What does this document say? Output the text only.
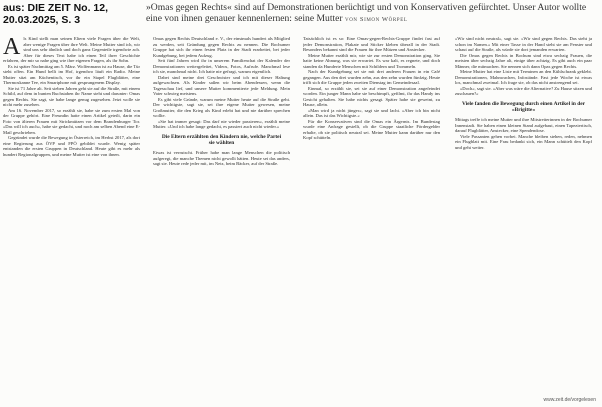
aus: DIE ZEIT No. 12,
20.03.2025, S. 3
»Omas gegen Rechts« sind auf Demonstrationen berüchtigt und von Konservativen gefürchtet. Unser Autor wollte eine von ihnen genauer kennenlernen: seine Mutter von Simon Wörpel
A ls Kind stellt man seinen Eltern viele Fragen über die Welt, aber wenige Fragen über ihre Welt. Meine Mutter sind ich, wir sind uns sehr ähnlich und doch ganz Gegenteile irgendwie ach. Aber für dieses Text habe ich einen Teil ihrer Geschichte erfahren, der mir so nahe ging wie ihre eigenen Fragen, als ihr Sohn.

Es ist später Nachmittag am 5. März. Wolfenmann ist zu Hause, die Tür steht offen. Ein Hund bellt im Hof, irgendwo läuft ein Radio. Meine Mutter sitzt am Küchentisch, vor ihr ein Stapel Flugblätter, eine Thermoskanne Tee, ein Smartphone mit gesprungenem Display.

Sie ist 71 Jahre alt. Seit sieben Jahren geht sie auf die Straße, mit einem Schild, auf dem in bunten Buchstaben ihr Name steht und darunter: Omas gegen Rechts. Sie sagt, sie habe lange genug zugesehen. Jetzt wolle sie nicht mehr zusehen.

Am 16. November 2017, so erzählt sie, habe sie zum ersten Mal von der Gruppe gehört. Eine Freundin hatte einen Artikel geteilt, darin ein Foto von älteren Frauen mit Strickmützen vor dem Brandenburger Tor. »Das will ich auch«, habe sie gedacht, und noch am selben Abend eine E-Mail geschrieben.

Gegründet wurde die Bewegung in Österreich, im Herbst 2017, als dort eine Regierung aus ÖVP und FPÖ gebildet wurde. Wenig später entstanden die ersten Gruppen in Deutschland. Heute gibt es mehr als hundert Regionalgruppen, und meine Mutter ist eine von ihnen.

Omas gegen Rechts Deutschland e. V., der einstmals hundert als Mitglied zu werden, seit Gründung gegen Rechts zu nennen. Die Bochumer Gruppe hat sich ihr einen festen Platz in der Stadt erarbeitet, bei jeder Kundgebung, bei jedem Aufzug.

Seit fünf Jahren wird ihr in unserem Familienchat der Kalender der Demonstrationen weitergeleitet, Videos, Fotos, Aufrufe. Manchmal lese ich sie, manchmal nicht. Ich hatte nie gefragt, warum eigentlich.

Dabei sind meine drei Geschwister und ich mit dieser Haltung aufgewachsen. Als Kinder saßen wir beim Abendessen, wenn die Tagesschau lief, und unsere Mutter kommentierte jede Meldung. Mein Vater schwieg meistens.

Es gibt viele Gründe, warum meine Mutter heute auf die Straße geht. Der wichtigste, sagt sie, sei ihre eigene Mutter gewesen, meine Großmutter, die den Krieg als Kind erlebt hat und nie darüber sprechen wollte.

»Sie hat immer gesagt: Das darf nie wieder passieren«, erzählt meine Mutter. »Und ich habe lange gedacht, es passiert auch nicht wieder.«

Die Eltern erzählten den Kindern nie, welche Partei sie wählten

Etwas ist verrutscht. Früher habe man lange Menschen die politisch aufgeregt, die manche Themen nicht gewollt hätten. Heute sei das anders, sagt sie. Heute rede jeder mit, im Netz, beim Bäcker, auf der Straße.

Tatsächlich ist es so: Eine Omas-gegen-Rechts-Gruppe findet fast auf jeder Demonstration, Plakate und Sticker kleben überall in der Stadt. Besonders bekannt sind die Frauen für ihre Mützen und Anstecker.

Meine Mutter erzählt mir, wie sie zur ersten Demonstration ging. Sie hatte keine Ahnung, was sie erwartet. Es war kalt, es regnete, und doch standen da Hunderte Menschen mit Schildern und Trommeln.

Nach der Kundgebung sei sie mit drei anderen Frauen in ein Café gegangen. Aus den drei wurden zehn, aus den zehn wurden fünfzig. Heute trifft sich die Gruppe jeden zweiten Dienstag im Gemeindesaal.

Einmal, so erzählt sie, sei sie auf einer Demonstration angefeindet worden. Ein junger Mann habe sie beschimpft, gefilmt, ihr das Handy ins Gesicht gehalten. Sie habe nichts gesagt. Später habe sie geweint, zu Hause, allein.

»Man wird ja nicht jünger«, sagt sie und lacht. »Aber ich bin nicht allein. Das ist das Wichtigste.«

Für die Konservativen sind die Omas ein Ärgernis. Im Bundestag wurde eine Anfrage gestellt, ob die Gruppe staatliche Fördergelder erhalte, ob sie politisch neutral sei. Meine Mutter kann darüber nur den Kopf schütteln.

»Wir sind nicht neutral«, sagt sie. »Wir sind gegen Rechts. Das steht ja schon im Namen.« Mit einer Tasse in der Hand steht sie am Fenster und schaut auf die Straße, als würde sie dort jemanden erwarten.

Die Omas gegen Rechts in Bochum sind etwa sechzig Frauen, die meisten über sechzig Jahre alt, einige über achtzig. Es gibt auch ein paar Männer, die mitmachen. Sie nennen sich dann Opas gegen Rechts.

Meine Mutter hat eine Liste mit Terminen an den Kühlschrank geklebt. Demonstrationen, Mahnwachen, Infostände. Fast jede Woche ist etwas los, manchmal zweimal. Ich frage sie, ob das nicht anstrengend sei.

»Doch«, sagt sie. »Aber was wäre die Alternative? Zu Hause sitzen und zuschauen?«

Viele fanden die Bewegung durch einen Artikel in der »Brigitte«

Mittags treffe ich meine Mutter und ihre Mitstreiterinnen in der Bochumer Innenstadt. Sie haben einen kleinen Stand aufgebaut, einen Tapeziertisch, darauf Flugblätter, Anstecker, eine Spendendose.

Viele Passanten gehen vorbei. Manche bleiben stehen, reden, nehmen ein Flugblatt mit. Eine Frau bedankt sich, ein Mann schüttelt den Kopf und geht weiter.

www.zeit.de/vorgelesen
